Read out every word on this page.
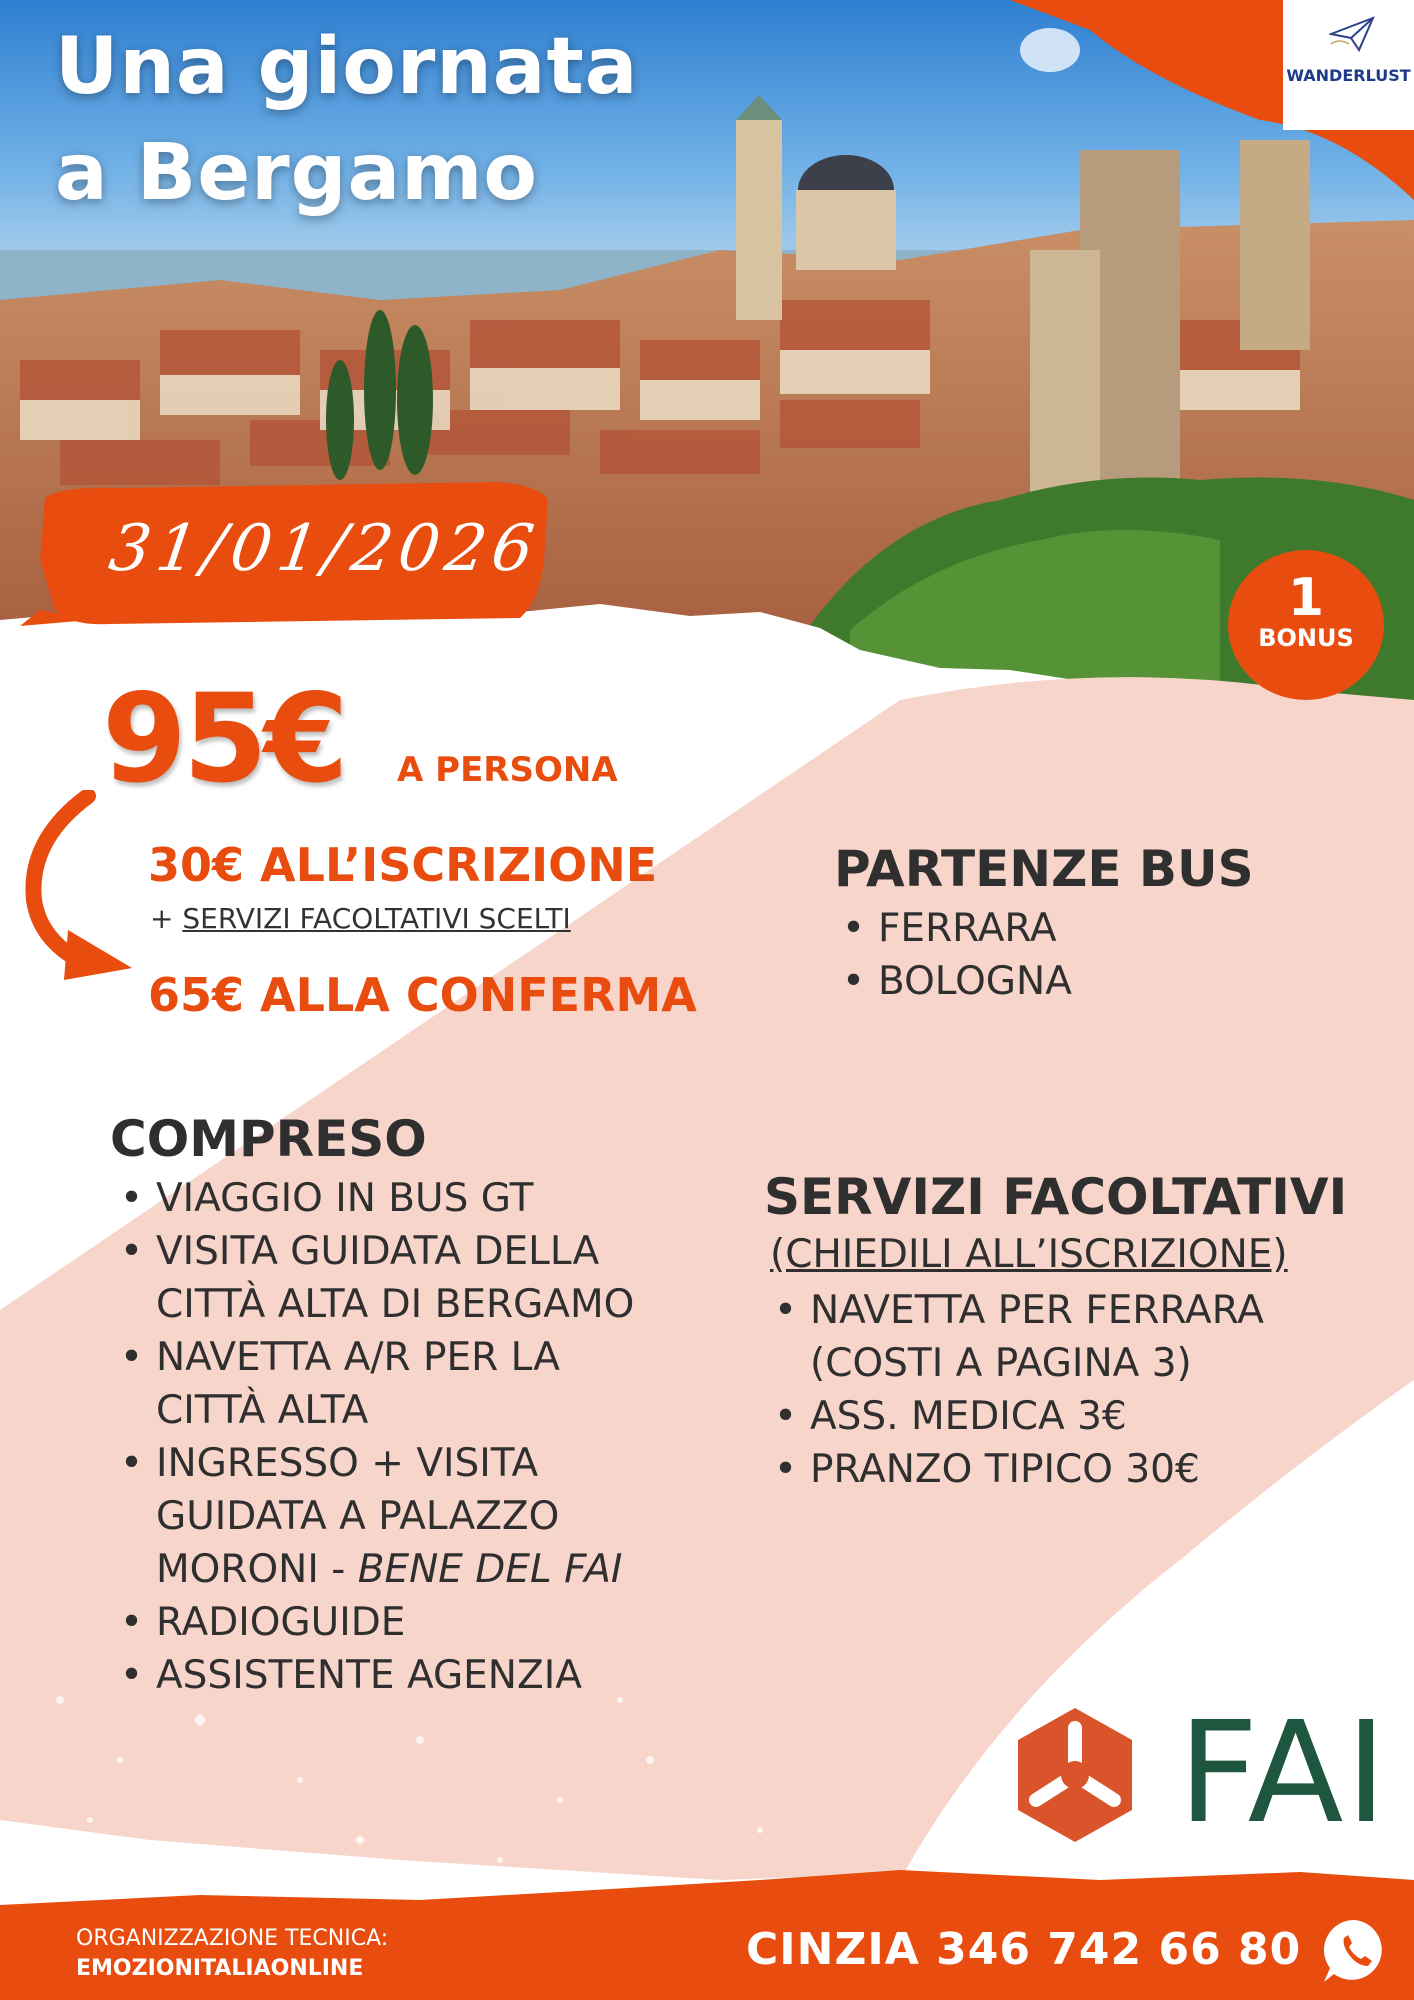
Una giornata
a Bergamo
31/01/2026
WANDERLUST
1
BONUS
95€ A PERSONA
30€ ALL’ISCRIZIONE
+ SERVIZI FACOLTATIVI SCELTI
65€ ALLA CONFERMA
PARTENZE BUS
• FERRARA
• BOLOGNA
COMPRESO
• VIAGGIO IN BUS GT
• VISITA GUIDATA DELLA CITTÀ ALTA DI BERGAMO
• NAVETTA A/R PER LA CITTÀ ALTA
• INGRESSO + VISITA GUIDATA A PALAZZO MORONI - BENE DEL FAI
• RADIOGUIDE
• ASSISTENTE AGENZIA
SERVIZI FACOLTATIVI
(CHIEDILI ALL’ISCRIZIONE)
• NAVETTA PER FERRARA (COSTI A PAGINA 3)
• ASS. MEDICA 3€
• PRANZO TIPICO 30€
FAI
ORGANIZZAZIONE TECNICA:
EMOZIONITALIAONLINE	CINZIA 346 742 66 80
